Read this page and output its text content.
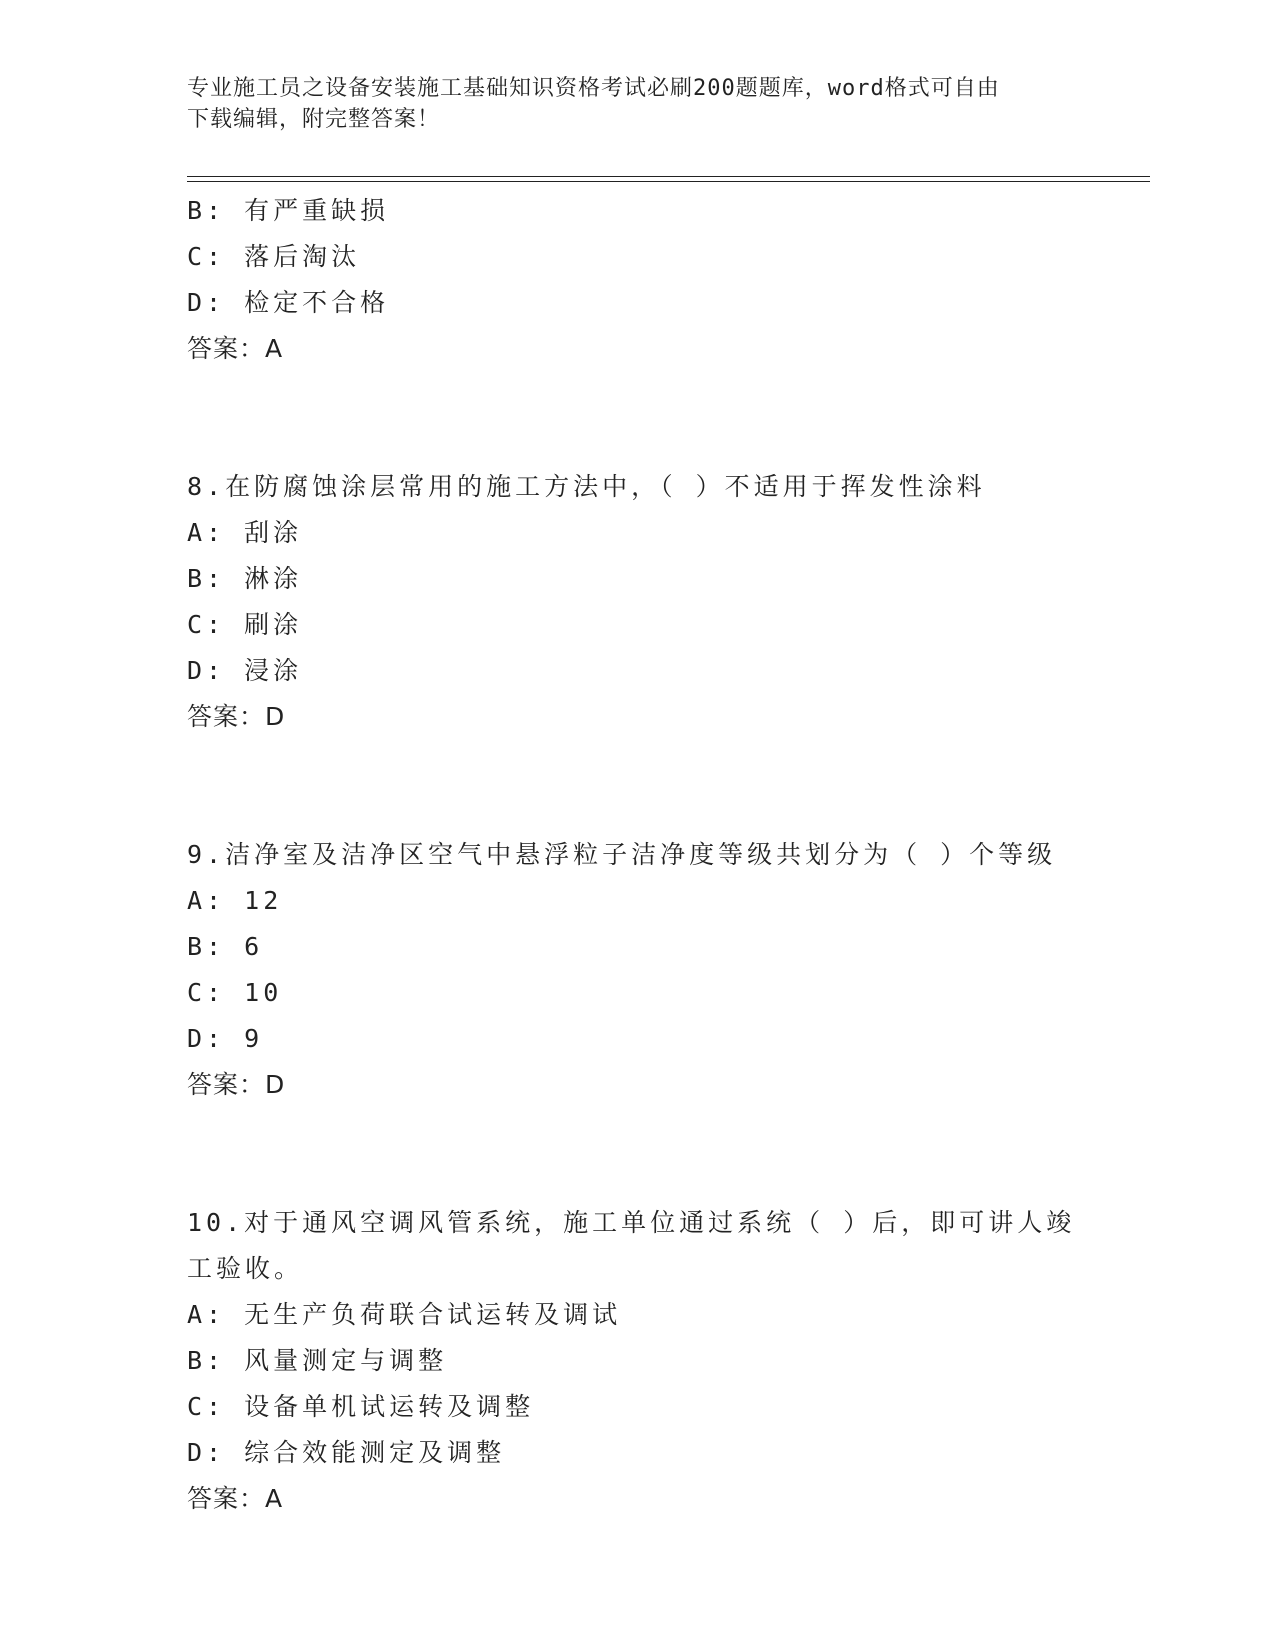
专业施工员之设备安装施工基础知识资格考试必刷200题题库，word格式可自由
下载编辑，附完整答案！
B: 有严重缺损
C: 落后淘汰
D: 检定不合格
答案：A
8.在防腐蚀涂层常用的施工方法中，（ ）不适用于挥发性涂料
A: 刮涂
B: 淋涂
C: 刷涂
D: 浸涂
答案：D
9.洁净室及洁净区空气中悬浮粒子洁净度等级共划分为（ ）个等级
A: 12
B: 6
C: 10
D: 9
答案：D
10.对于通风空调风管系统，施工单位通过系统（ ）后，即可讲人竣
工验收。
A: 无生产负荷联合试运转及调试
B: 风量测定与调整
C: 设备单机试运转及调整
D: 综合效能测定及调整
答案：A
